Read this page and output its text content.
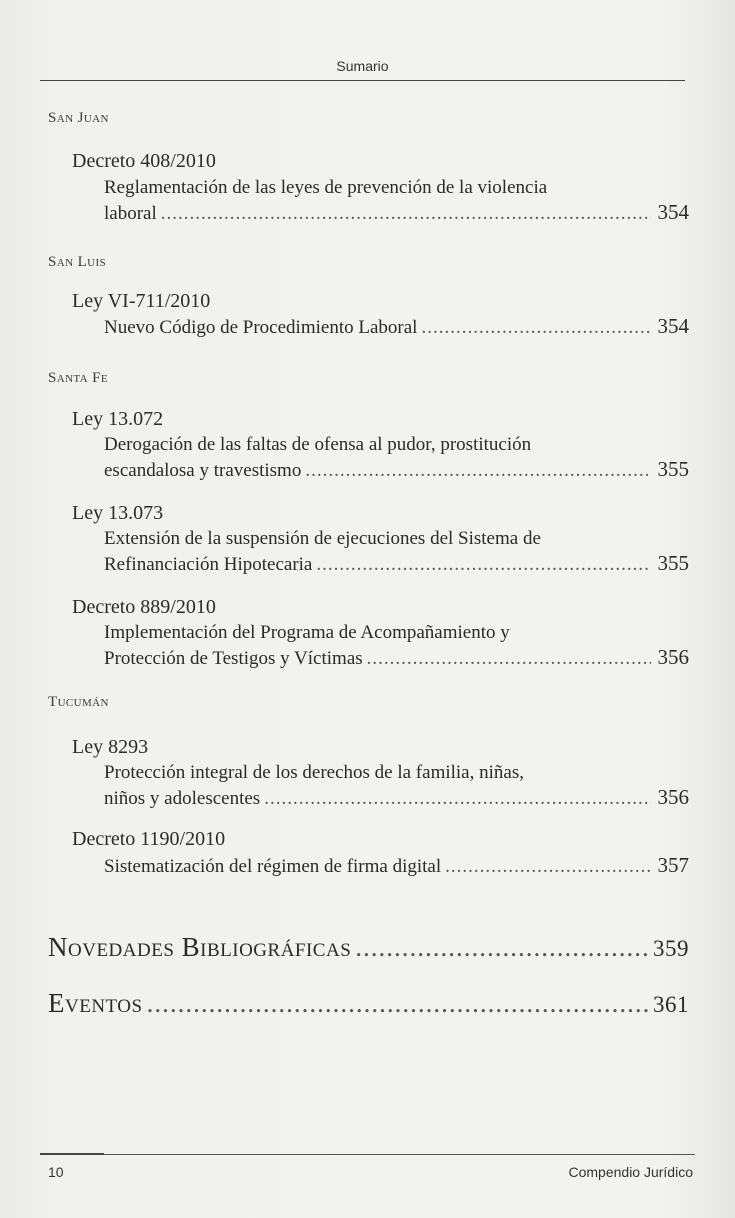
Sumario
San Juan
Decreto 408/2010
Reglamentación de las leyes de prevención de la violencia
laboral .....	354
San Luis
Ley VI-711/2010
Nuevo Código de Procedimiento Laboral .....	354
Santa Fe
Ley 13.072
Derogación de las faltas de ofensa al pudor, prostitución
escandalosa y travestismo .....	355
Ley 13.073
Extensión de la suspensión de ejecuciones del Sistema de
Refinanciación Hipotecaria .....	355
Decreto 889/2010
Implementación del Programa de Acompañamiento y
Protección de Testigos y Víctimas .....	356
Tucumán
Ley 8293
Protección integral de los derechos de la familia, niñas,
niños y adolescentes .....	356
Decreto 1190/2010
Sistematización del régimen de firma digital .....	357
Novedades Bibliográficas .....	359
Eventos .....	361
10	Compendio Jurídico
